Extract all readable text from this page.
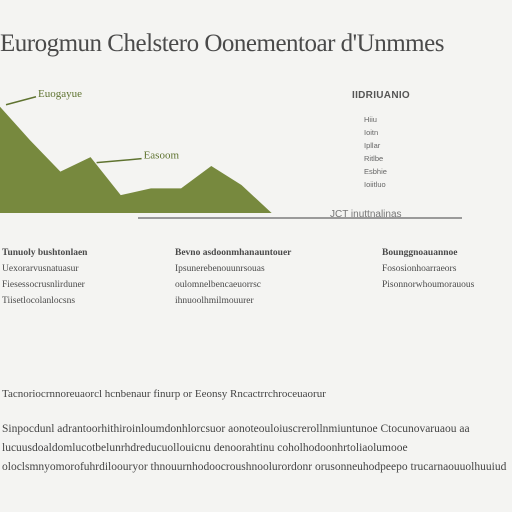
Eurogmun Chelstero Oonementoar d'Unmmes
JCT inuttnalinas
Euogayue
Easoom
IIDRIUANIO
Hiiu
Ioitn
Ipllar
Ritlbe
Esbhie
Ioiitluo
Tunuoly bushtonlaen
Uexorarvusnatuasur
Fiesessocrusnlirduner
Tiisetlocolanlocsns
Bevno asdoonmhanauntouer
Ipsunerebenouunrsouas
oulomnelbencaeuorrsc
ihnuoolhmilmouurer
Bounggnoauannoe
Fososionhoarraeors
Pisonnorwhoumorauous
Tacnoriocrnnoreuaorcl hcnbenaur finurp or Eeonsy Rncactrrchroceuaorur

Sinpocdunl adrantoorhithiroinloumdonhlorcsuor aonoteouloiuscrerollnmiuntunoe Ctocunovaruaou aa lucuusdoaldomlucotbelunrhdreducuollouicnu denoorahtinu coholhodoonhrtoliaolumooe oloclsmnyomorofuhrdiloouryor thnouurnhodoocroushnoolurordonr orusonneuhodpeepo trucarnaouuolhuuiud
